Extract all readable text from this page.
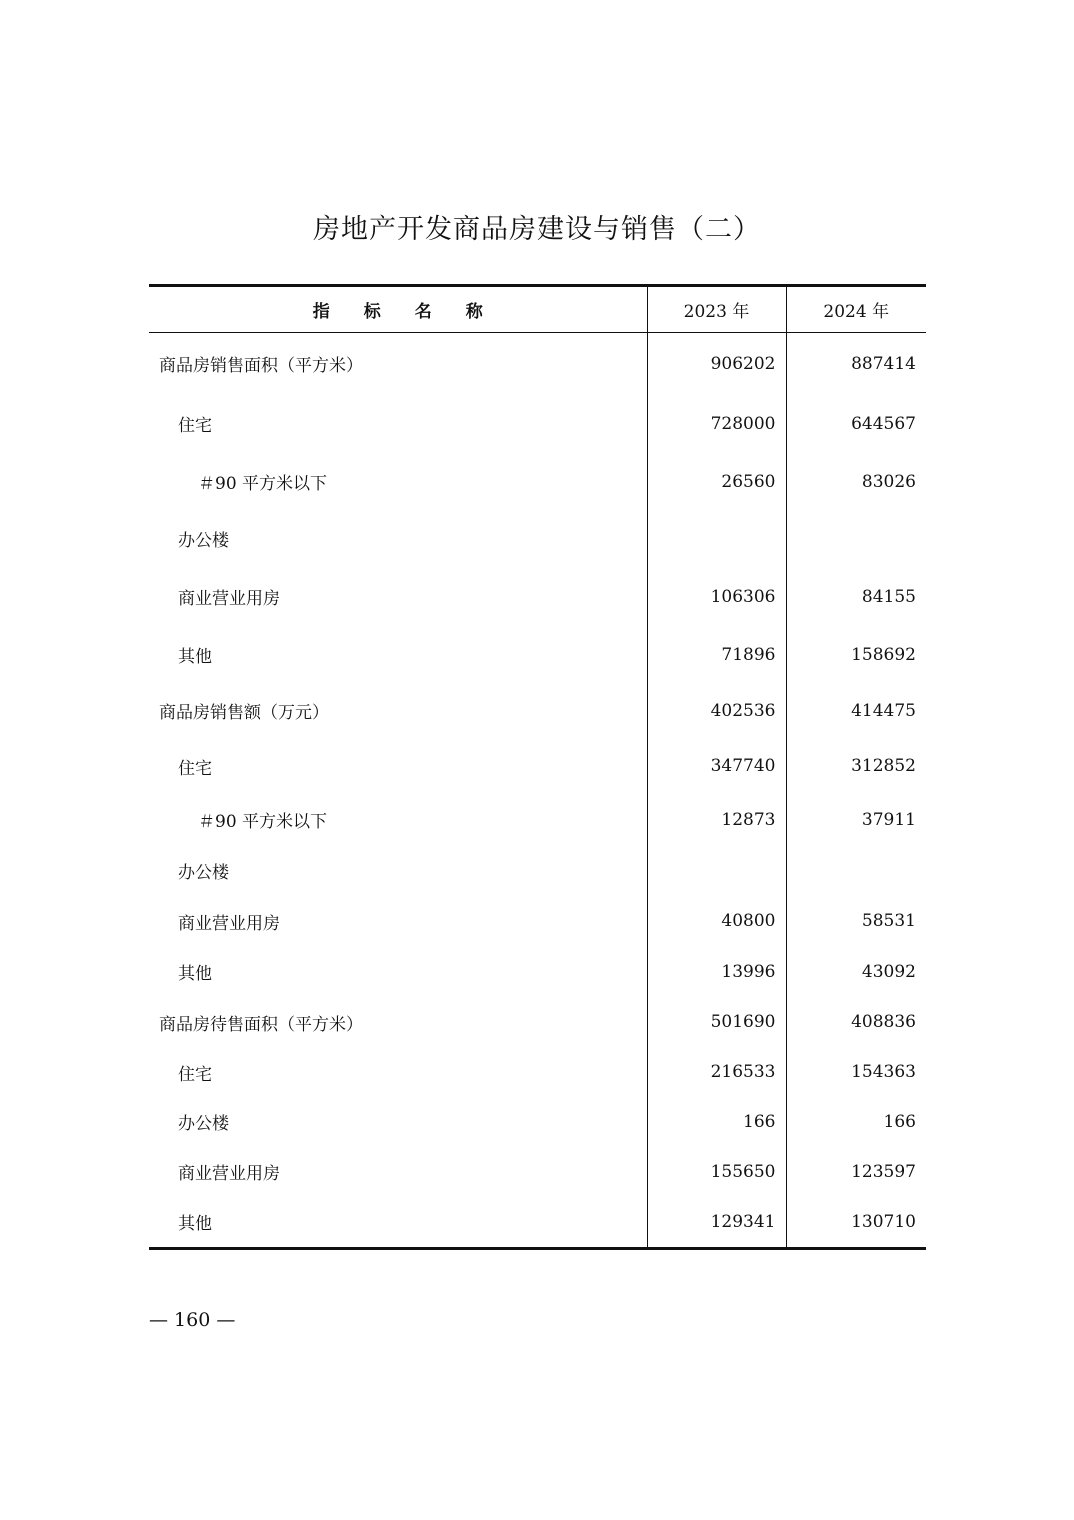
房地产开发商品房建设与销售（二）
指　　标　　名　　称	2023 年	2024 年
商品房销售面积（平方米）	906202	887414
住宅	728000	644567
＃90 平方米以下	26560	83026
办公楼		
商业营业用房	106306	84155
其他	71896	158692
商品房销售额（万元）	402536	414475
住宅	347740	312852
＃90 平方米以下	12873	37911
办公楼		
商业营业用房	40800	58531
其他	13996	43092
商品房待售面积（平方米）	501690	408836
住宅	216533	154363
办公楼	166	166
商业营业用房	155650	123597
其他	129341	130710
— 160 —
